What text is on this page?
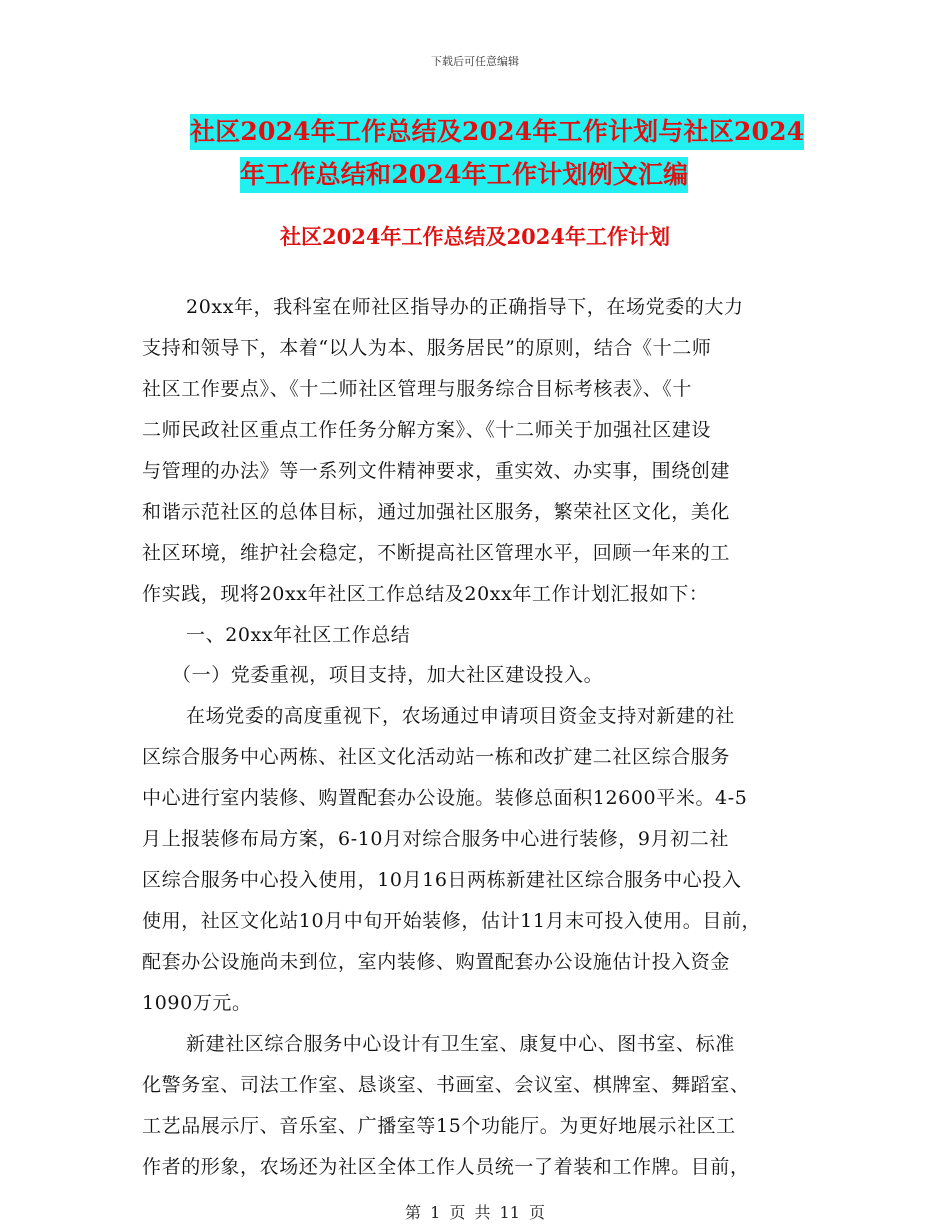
下载后可任意编辑
社区2024年工作总结及2024年工作计划与社区2024
年工作总结和2024年工作计划例文汇编
社区2024年工作总结及2024年工作计划
20xx年，我科室在师社区指导办的正确指导下，在场党委的大力
支持和领导下，本着“以人为本、服务居民”的原则，结合《十二师
社区工作要点》、《十二师社区管理与服务综合目标考核表》、《十
二师民政社区重点工作任务分解方案》、《十二师关于加强社区建设
与管理的办法》等一系列文件精神要求，重实效、办实事，围绕创建
和谐示范社区的总体目标，通过加强社区服务，繁荣社区文化，美化
社区环境，维护社会稳定，不断提高社区管理水平，回顾一年来的工
作实践，现将20xx年社区工作总结及20xx年工作计划汇报如下：
一、20xx年社区工作总结
（一）党委重视，项目支持，加大社区建设投入。
在场党委的高度重视下，农场通过申请项目资金支持对新建的社
区综合服务中心两栋、社区文化活动站一栋和改扩建二社区综合服务
中心进行室内装修、购置配套办公设施。装修总面积12600平米。4-5
月上报装修布局方案，6-10月对综合服务中心进行装修，9月初二社
区综合服务中心投入使用，10月16日两栋新建社区综合服务中心投入
使用，社区文化站10月中旬开始装修，估计11月末可投入使用。目前，
配套办公设施尚未到位，室内装修、购置配套办公设施估计投入资金
1090万元。
新建社区综合服务中心设计有卫生室、康复中心、图书室、标准
化警务室、司法工作室、恳谈室、书画室、会议室、棋牌室、舞蹈室、
工艺品展示厅、音乐室、广播室等15个功能厅。为更好地展示社区工
作者的形象，农场还为社区全体工作人员统一了着装和工作牌。目前，
第 1 页 共 11 页
